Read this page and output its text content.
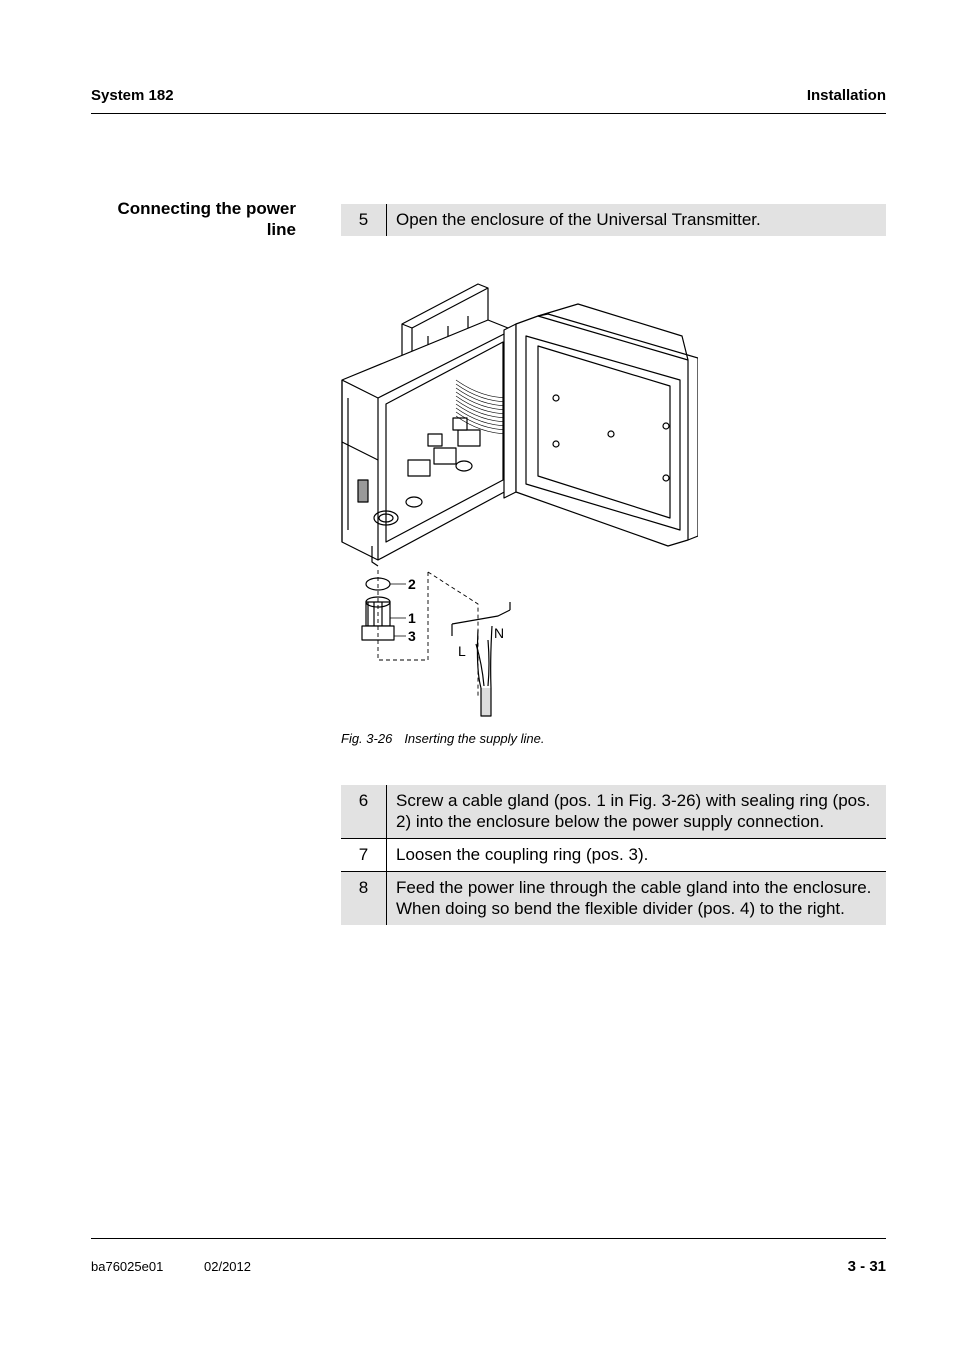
System 182	Installation
Connecting the power line
5	Open the enclosure of the Universal Transmitter.
2
1
3	N
L
Fig. 3-26 Inserting the supply line.
6	Screw a cable gland (pos. 1 in Fig. 3-26) with sealing ring (pos. 2) into the enclosure below the power supply connection.
7	Loosen the coupling ring (pos. 3).
8	Feed the power line through the cable gland into the enclosure. When doing so bend the flexible divider (pos. 4) to the right.
ba76025e01	02/2012	3 - 31
